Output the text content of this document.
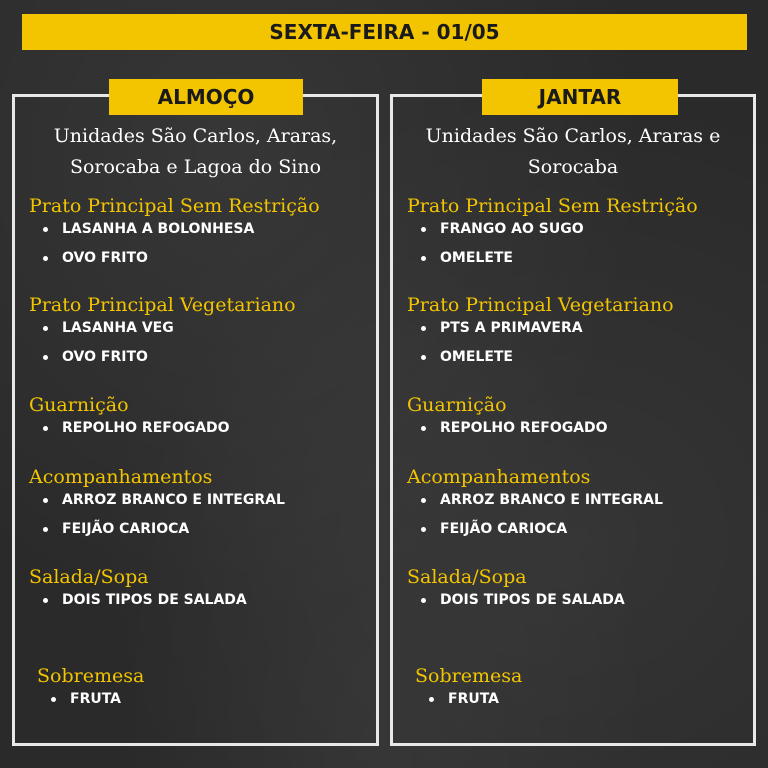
SEXTA-FEIRA - 01/05
ALMOÇO
Unidades São Carlos, Araras,
Sorocaba e Lagoa do Sino
Prato Principal Sem Restrição
LASANHA A BOLONHESA
OVO FRITO
Prato Principal Vegetariano
LASANHA VEG
OVO FRITO
Guarnição
REPOLHO REFOGADO
Acompanhamentos
ARROZ BRANCO E INTEGRAL
FEIJÃO CARIOCA
Salada/Sopa
DOIS TIPOS DE SALADA
Sobremesa
FRUTA
JANTAR
Unidades São Carlos, Araras e
Sorocaba
Prato Principal Sem Restrição
FRANGO AO SUGO
OMELETE
Prato Principal Vegetariano
PTS A PRIMAVERA
OMELETE
Guarnição
REPOLHO REFOGADO
Acompanhamentos
ARROZ BRANCO E INTEGRAL
FEIJÃO CARIOCA
Salada/Sopa
DOIS TIPOS DE SALADA
Sobremesa
FRUTA
